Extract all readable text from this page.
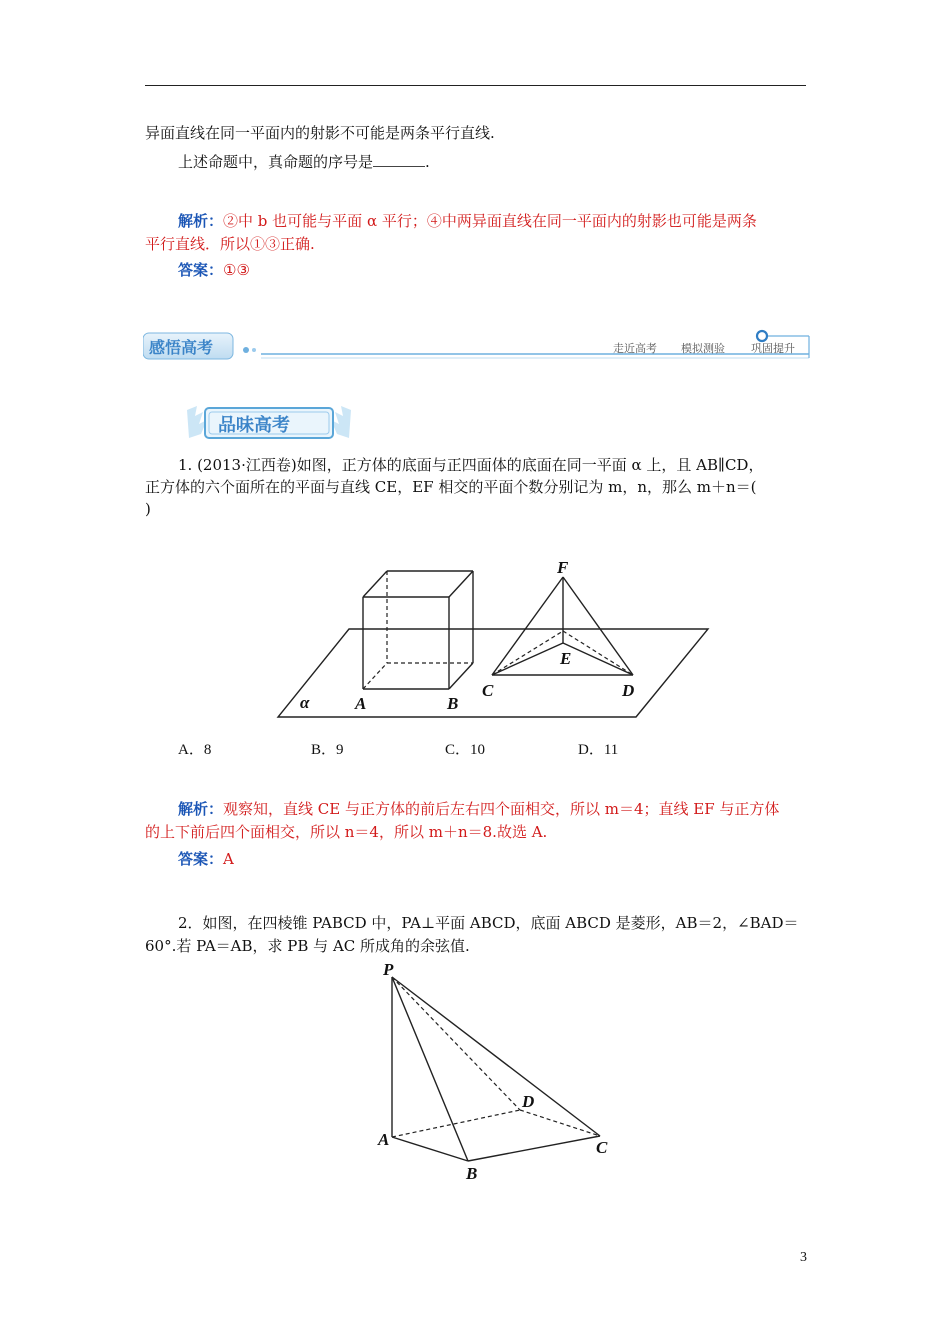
异面直线在同一平面内的射影不可能是两条平行直线.
上述命题中，真命题的序号是	.
解析：②中 b 也可能与平面 α 平行；④中两异面直线在同一平面内的射影也可能是两条
平行直线．所以①③正确.
答案：①③
感悟高考	走近高考 模拟测验 巩固提升
品味高考
1. (2013·江西卷)如图，正方体的底面与正四面体的底面在同一平面 α 上，且 AB∥CD，
正方体的六个面所在的平面与直线 CE，EF 相交的平面个数分别记为 m，n，那么 m＋n＝(
)
F
E
C	D
A	B
α
A．8	B．9	C．10	D．11
解析：观察知，直线 CE 与正方体的前后左右四个面相交，所以 m＝4；直线 EF 与正方体
的上下前后四个面相交，所以 n＝4，所以 m＋n＝8.故选 A.
答案：A
2．如图，在四棱锥 PABCD 中，PA⊥平面 ABCD，底面 ABCD 是菱形，AB＝2，∠BAD＝
60°.若 PA＝AB，求 PB 与 AC 所成角的余弦值.
P
A
B
C
D
3
